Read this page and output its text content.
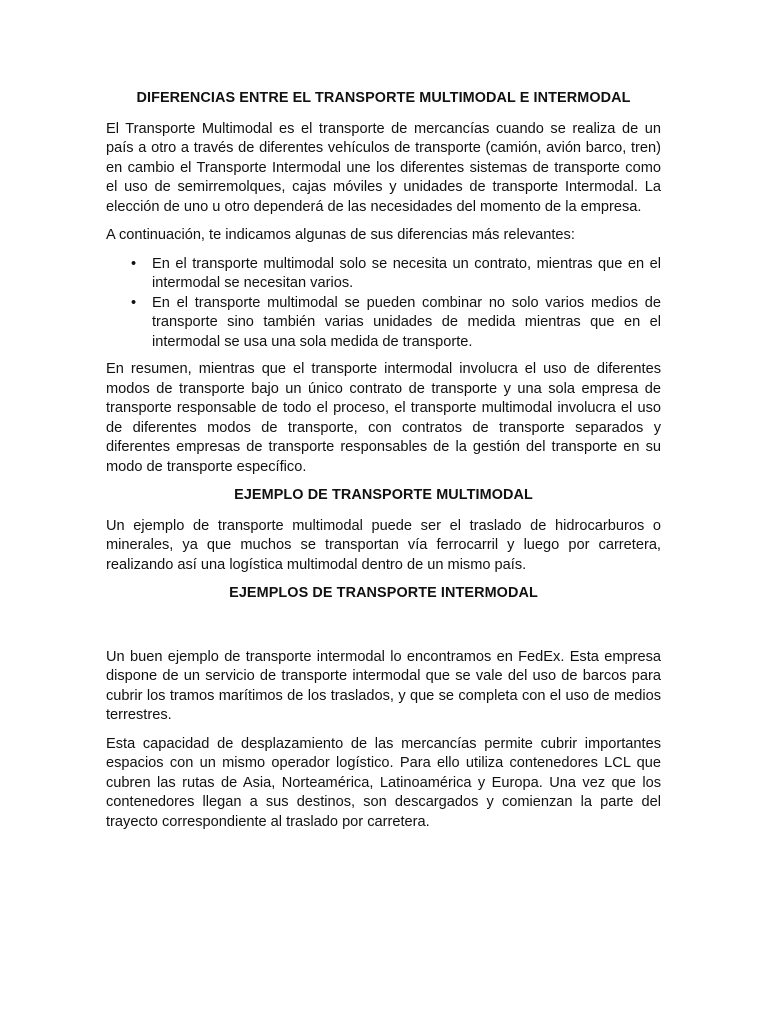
DIFERENCIAS ENTRE EL TRANSPORTE MULTIMODAL E INTERMODAL

El Transporte Multimodal es el transporte de mercancías cuando se realiza de un país a otro a través de diferentes vehículos de transporte (camión, avión barco, tren) en cambio el Transporte Intermodal une los diferentes sistemas de transporte como el uso de semirremolques, cajas móviles y unidades de transporte Intermodal. La elección de uno u otro dependerá de las necesidades del momento de la empresa.

A continuación, te indicamos algunas de sus diferencias más relevantes:

• En el transporte multimodal solo se necesita un contrato, mientras que en el intermodal se necesitan varios.
• En el transporte multimodal se pueden combinar no solo varios medios de transporte sino también varias unidades de medida mientras que en el intermodal se usa una sola medida de transporte.

En resumen, mientras que el transporte intermodal involucra el uso de diferentes modos de transporte bajo un único contrato de transporte y una sola empresa de transporte responsable de todo el proceso, el transporte multimodal involucra el uso de diferentes modos de transporte, con contratos de transporte separados y diferentes empresas de transporte responsables de la gestión del transporte en su modo de transporte específico.

EJEMPLO DE TRANSPORTE MULTIMODAL

Un ejemplo de transporte multimodal puede ser el traslado de hidrocarburos o minerales, ya que muchos se transportan vía ferrocarril y luego por carretera, realizando así una logística multimodal dentro de un mismo país.

EJEMPLOS DE TRANSPORTE INTERMODAL

Un buen ejemplo de transporte intermodal lo encontramos en FedEx. Esta empresa dispone de un servicio de transporte intermodal que se vale del uso de barcos para cubrir los tramos marítimos de los traslados, y que se completa con el uso de medios terrestres.

Esta capacidad de desplazamiento de las mercancías permite cubrir importantes espacios con un mismo operador logístico. Para ello utiliza contenedores LCL que cubren las rutas de Asia, Norteamérica, Latinoamérica y Europa. Una vez que los contenedores llegan a sus destinos, son descargados y comienzan la parte del trayecto correspondiente al traslado por carretera.
